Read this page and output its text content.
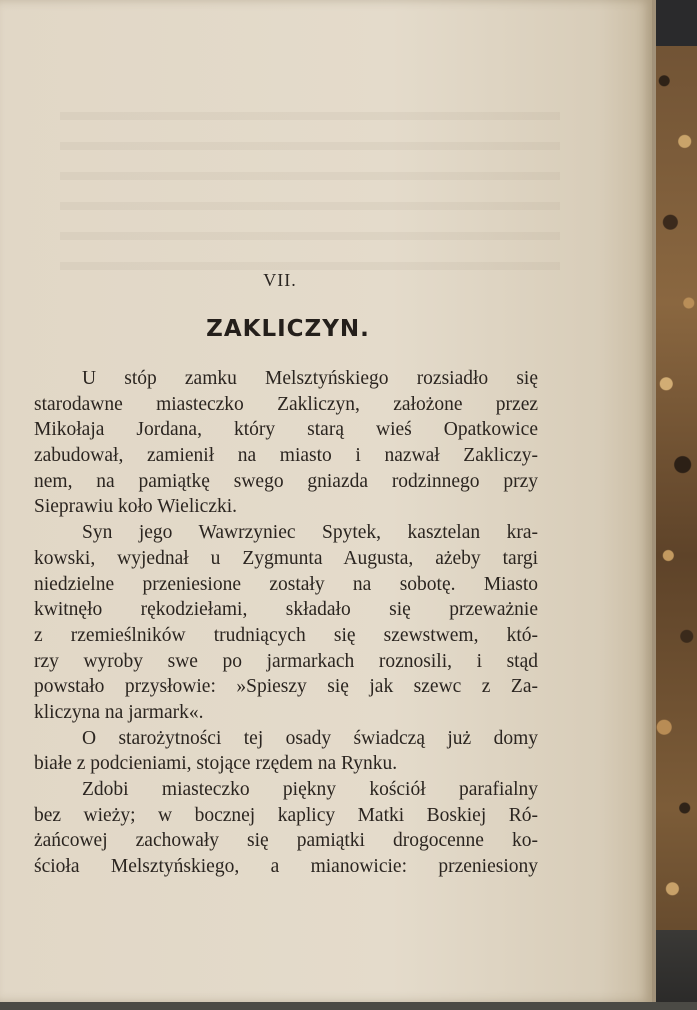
VII.
ZAKLICZYN.
U stóp zamku Melsztyńskiego rozsiadło się
starodawne miasteczko Zakliczyn, założone przez
Mikołaja Jordana, który starą wieś Opatkowice
zabudował, zamienił na miasto i nazwał Zakliczy-
nem, na pamiątkę swego gniazda rodzinnego przy
Sieprawiu koło Wieliczki.
Syn jego Wawrzyniec Spytek, kasztelan kra-
kowski, wyjednał u Zygmunta Augusta, ażeby targi
niedzielne przeniesione zostały na sobotę. Miasto
kwitnęło rękodziełami, składało się przeważnie
z rzemieślników trudniących się szewstwem, któ-
rzy wyroby swe po jarmarkach roznosili, i stąd
powstało przysłowie: »Spieszy się jak szewc z Za-
kliczyna na jarmark«.
O starożytności tej osady świadczą już domy
białe z podcieniami, stojące rzędem na Rynku.
Zdobi miasteczko piękny kościół parafialny
bez wieży; w bocznej kaplicy Matki Boskiej Ró-
żańcowej zachowały się pamiątki drogocenne ko-
ścioła Melsztyńskiego, a mianowicie: przeniesiony
